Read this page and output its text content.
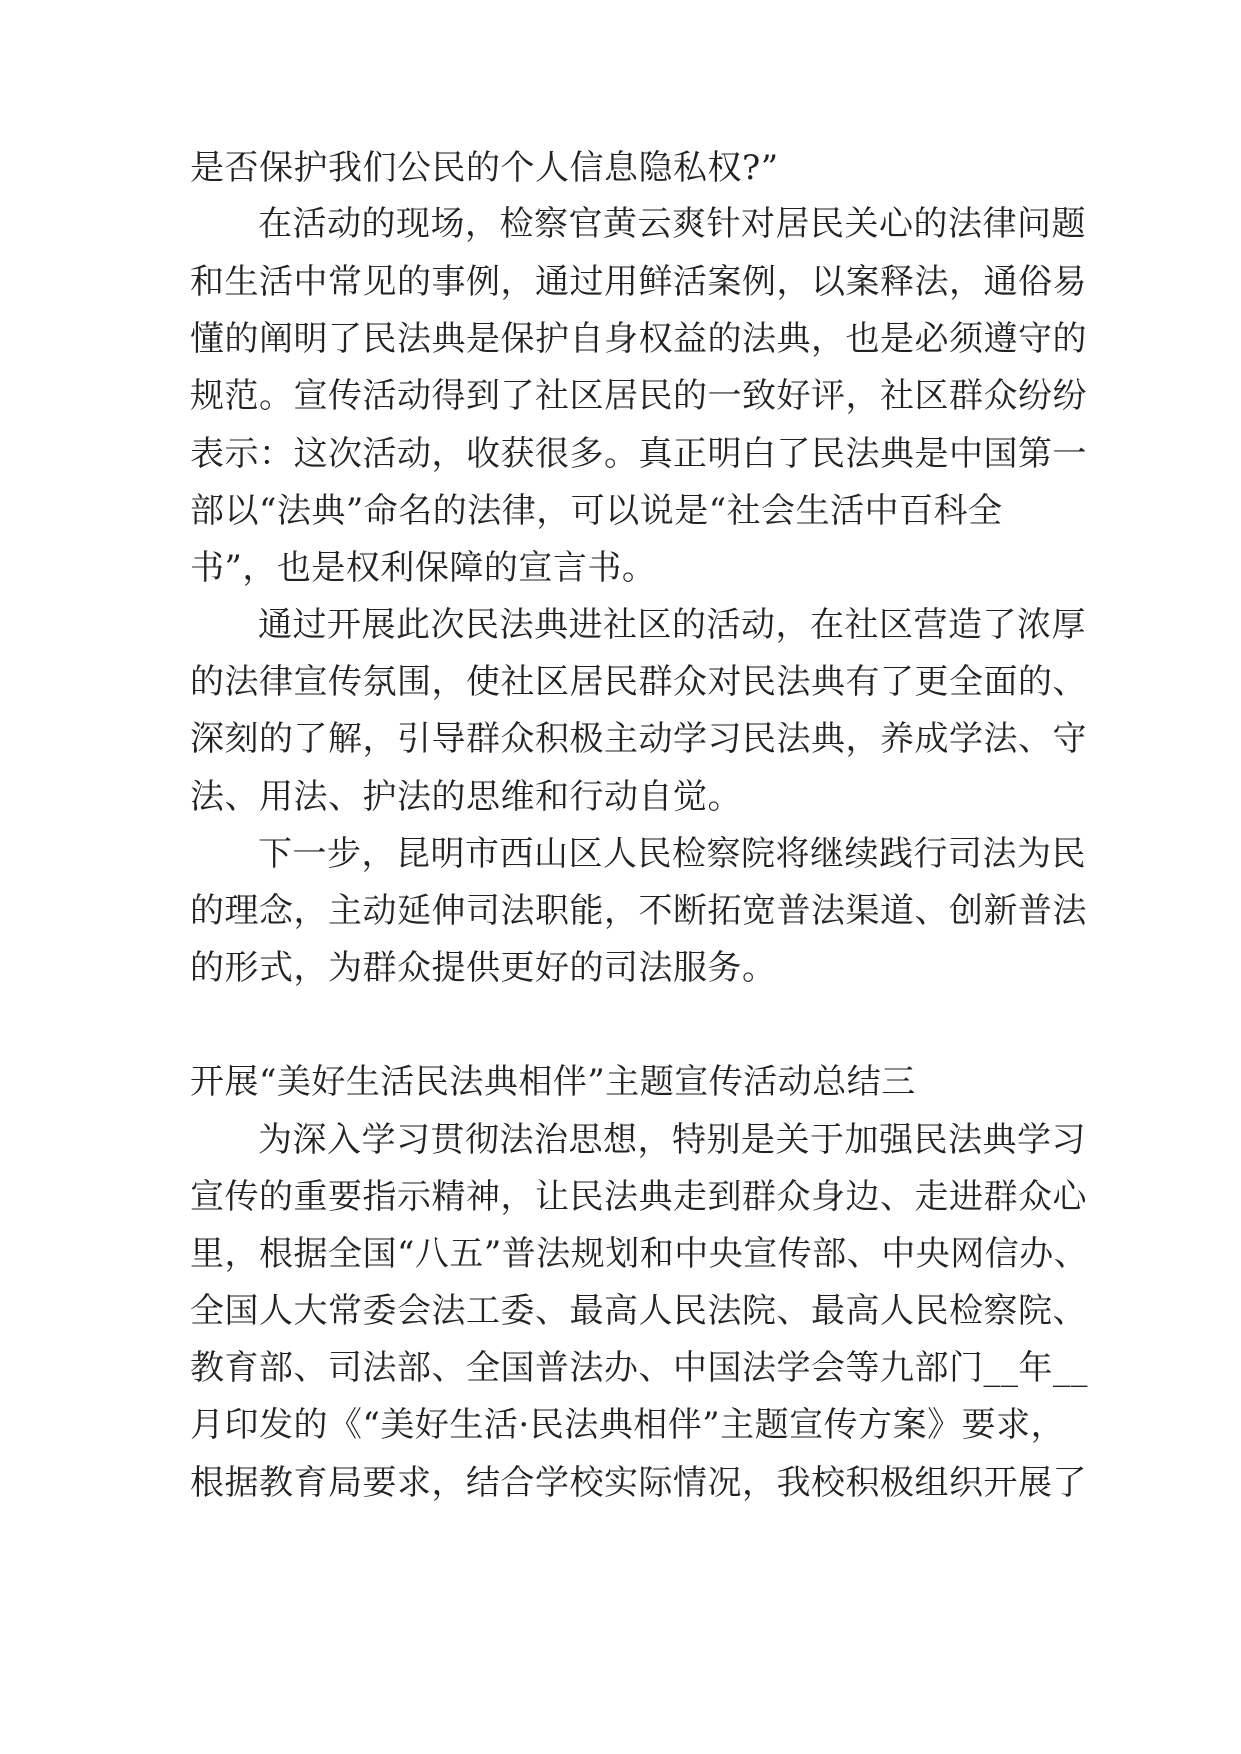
是否保护我们公民的个人信息隐私权?”
在活动的现场，检察官黄云爽针对居民关心的法律问题
和生活中常见的事例，通过用鲜活案例，以案释法，通俗易
懂的阐明了民法典是保护自身权益的法典，也是必须遵守的
规范。宣传活动得到了社区居民的一致好评，社区群众纷纷
表示：这次活动，收获很多。真正明白了民法典是中国第一
部以“法典”命名的法律，可以说是“社会生活中百科全
书”，也是权利保障的宣言书。
通过开展此次民法典进社区的活动，在社区营造了浓厚
的法律宣传氛围，使社区居民群众对民法典有了更全面的、
深刻的了解，引导群众积极主动学习民法典，养成学法、守
法、用法、护法的思维和行动自觉。
下一步，昆明市西山区人民检察院将继续践行司法为民
的理念，主动延伸司法职能，不断拓宽普法渠道、创新普法
的形式，为群众提供更好的司法服务。
开展“美好生活民法典相伴”主题宣传活动总结三
为深入学习贯彻法治思想，特别是关于加强民法典学习
宣传的重要指示精神，让民法典走到群众身边、走进群众心
里，根据全国“八五”普法规划和中央宣传部、中央网信办、
全国人大常委会法工委、最高人民法院、最高人民检察院、
教育部、司法部、全国普法办、中国法学会等九部门__年__
月印发的《“美好生活·民法典相伴”主题宣传方案》要求，
根据教育局要求，结合学校实际情况，我校积极组织开展了
